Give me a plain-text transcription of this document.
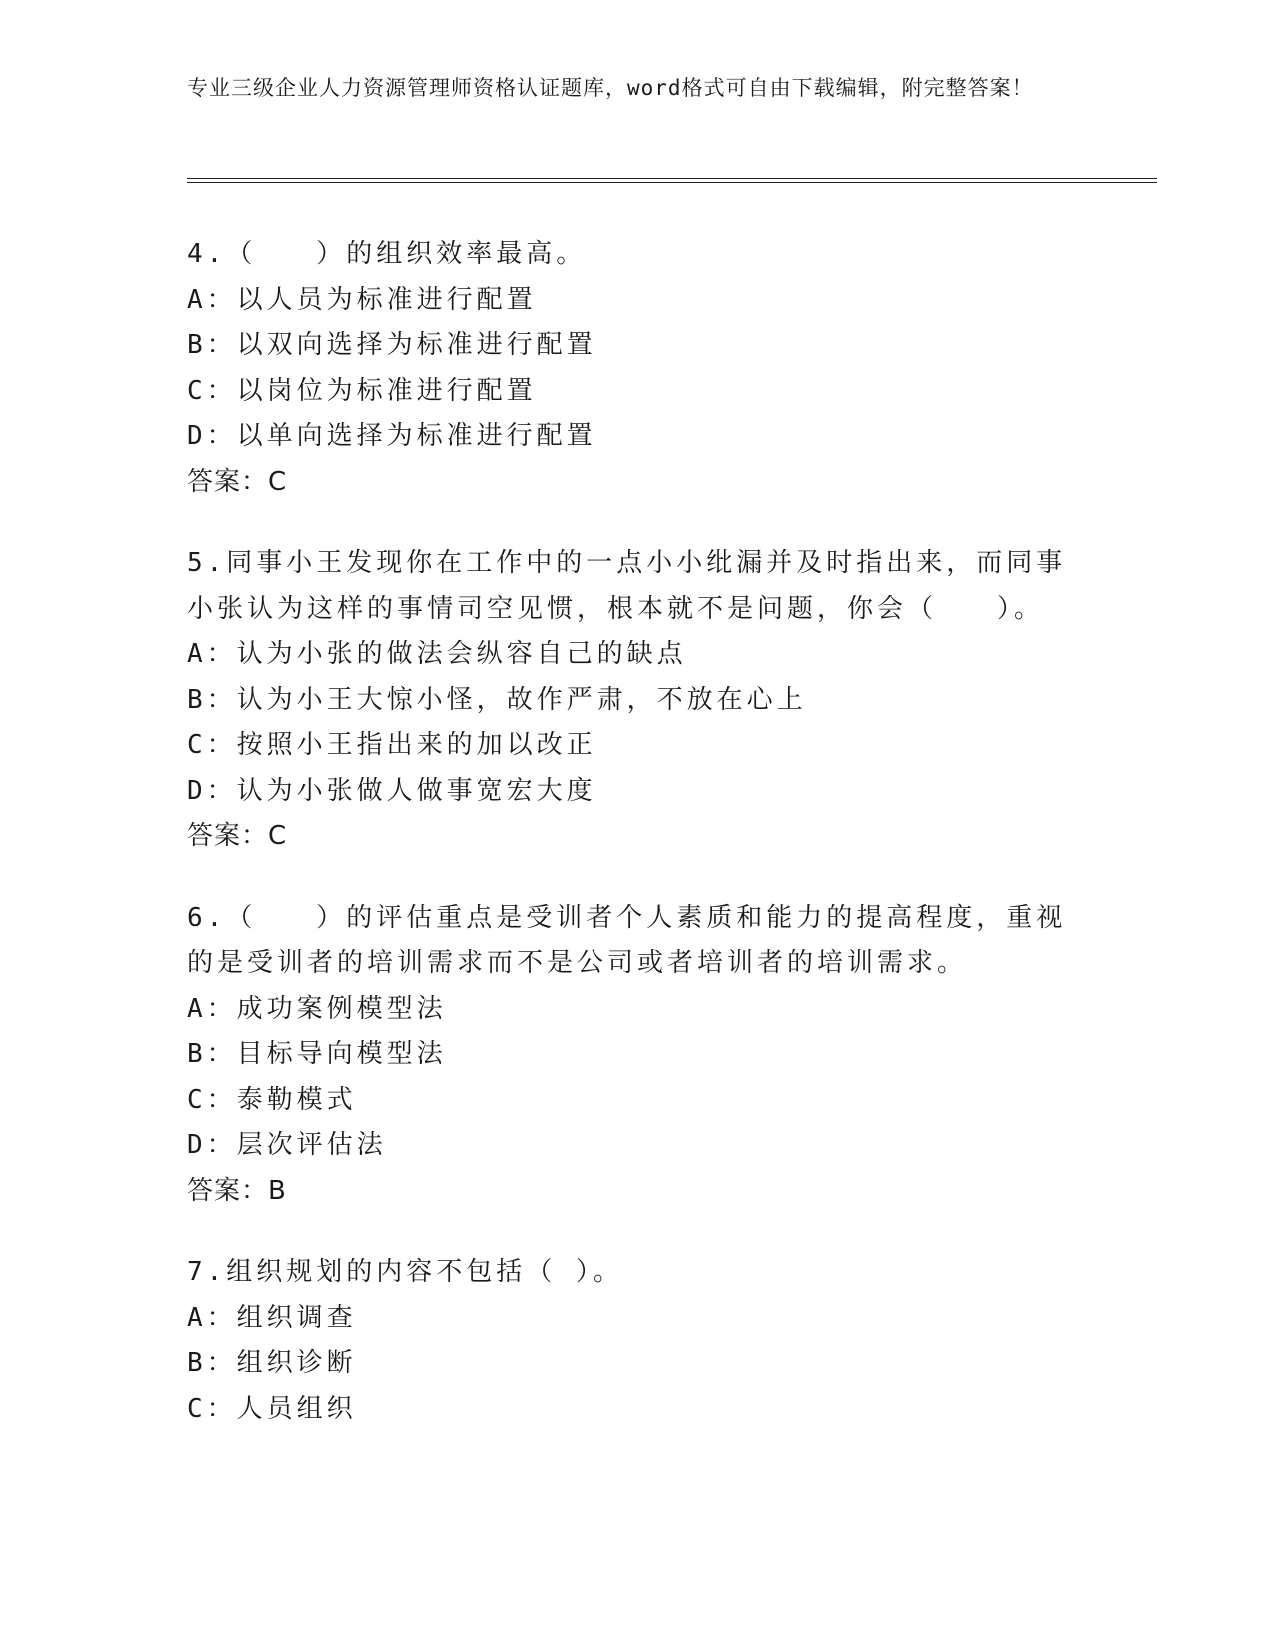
专业三级企业人力资源管理师资格认证题库，word格式可自由下载编辑，附完整答案！

4.（　　）的组织效率最高。

A：以人员为标准进行配置

B：以双向选择为标准进行配置

C：以岗位为标准进行配置

D：以单向选择为标准进行配置

答案：C

5.同事小王发现你在工作中的一点小小纰漏并及时指出来，而同事小张认为这样的事情司空见惯，根本就不是问题，你会（　　）。

A：认为小张的做法会纵容自己的缺点

B：认为小王大惊小怪，故作严肃，不放在心上

C：按照小王指出来的加以改正

D：认为小张做人做事宽宏大度

答案：C

6.（　　）的评估重点是受训者个人素质和能力的提高程度，重视的是受训者的培训需求而不是公司或者培训者的培训需求。

A：成功案例模型法

B：目标导向模型法

C：泰勒模式

D：层次评估法

答案：B

7.组织规划的内容不包括（ ）。

A：组织调查

B：组织诊断

C：人员组织
